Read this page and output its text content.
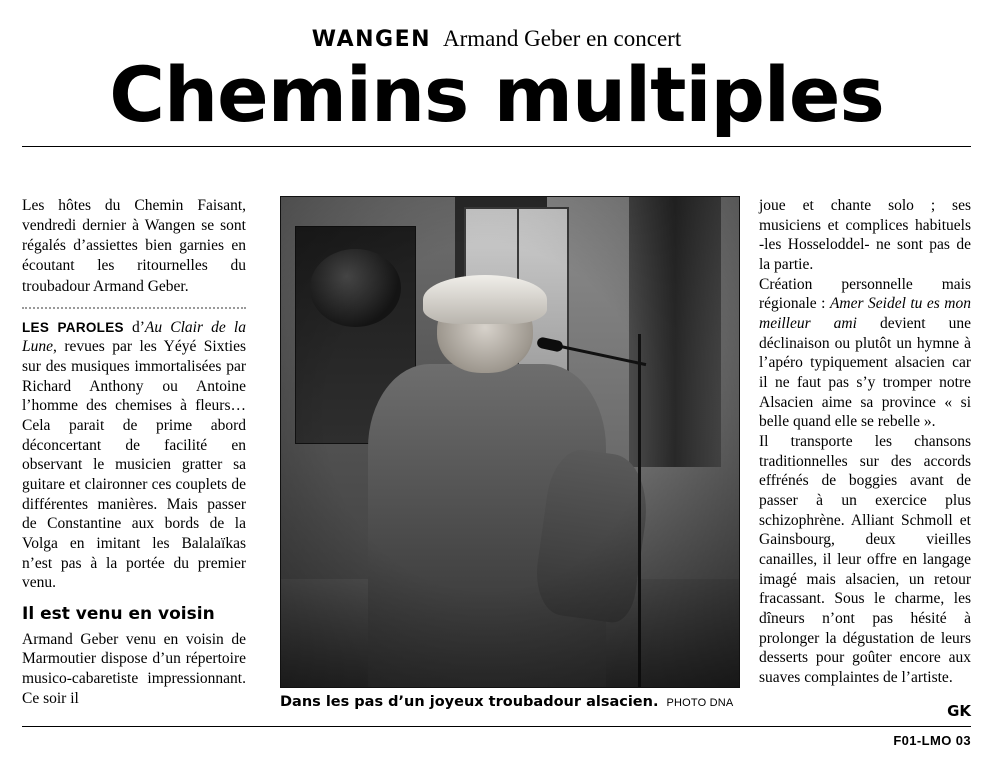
WANGEN Armand Geber en concert
Chemins multiples

Les hôtes du Chemin Faisant, vendredi dernier à Wangen se sont régalés d’assiettes bien garnies en écoutant les ritournelles du troubadour Armand Geber.

LES PAROLES d’Au Clair de la Lune, revues par les Yéyé Sixties sur des musiques immortalisées par Richard Anthony ou Antoine l’homme des chemises à fleurs… Cela parait de prime abord déconcertant de facilité en observant le musicien gratter sa guitare et claironner ces couplets de différentes manières. Mais passer de Constantine aux bords de la Volga en imitant les Balalaïkas n’est pas à la portée du premier venu.

Il est venu en voisin

Armand Geber venu en voisin de Marmoutier dispose d’un répertoire musico-cabaretiste impressionnant. Ce soir il	Dans les pas d’un joyeux troubadour alsacien. PHOTO DNA

joue et chante solo ; ses musiciens et complices habituels -les Hosseloddel- ne sont pas de la partie.

Création personnelle mais régionale : Amer Seidel tu es mon meilleur ami devient une déclinaison ou plutôt un hymne à l’apéro typiquement alsacien car il ne faut pas s’y tromper notre Alsacien aime sa province « si belle quand elle se rebelle ».

Il transporte les chansons traditionnelles sur des accords effrénés de boggies avant de passer à un exercice plus schizophrène. Alliant Schmoll et Gainsbourg, deux vieilles canailles, il leur offre en langage imagé mais alsacien, un retour fracassant. Sous le charme, les dîneurs n’ont pas hésité à prolonger la dégustation de leurs desserts pour goûter encore aux suaves complaintes de l’artiste.

GK
F01-LMO 03
